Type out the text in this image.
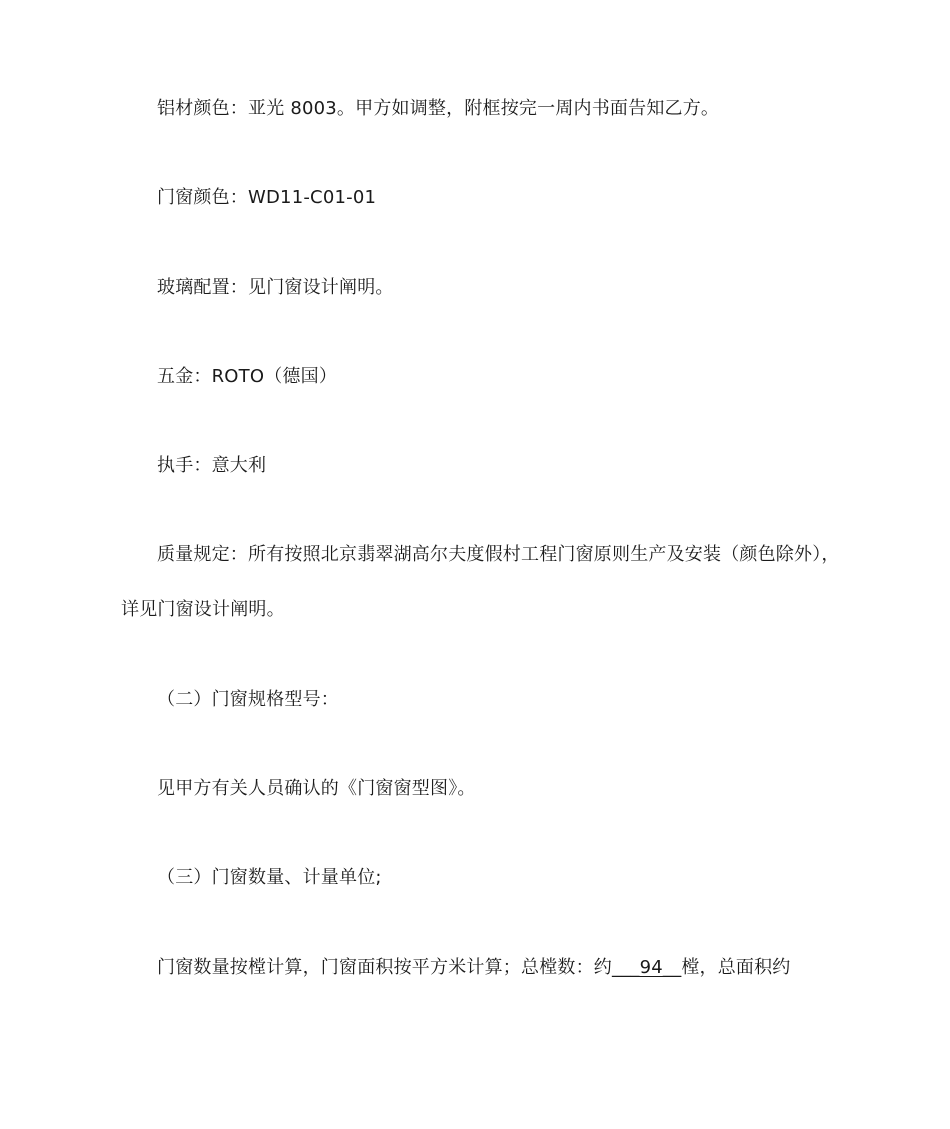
铝材颜色：亚光 8003。甲方如调整，附框按完一周内书面告知乙方。
门窗颜色：WD11-C01-01
玻璃配置：见门窗设计阐明。
五金：ROTO（德国）
执手：意大利
质量规定：所有按照北京翡翠湖高尔夫度假村工程门窗原则生产及安装（颜色除外），
详见门窗设计阐明。
（二）门窗规格型号：
见甲方有关人员确认的《门窗窗型图》。
（三）门窗数量、计量单位;
门窗数量按樘计算，门窗面积按平方米计算；总樘数：约___94__樘，总面积约
